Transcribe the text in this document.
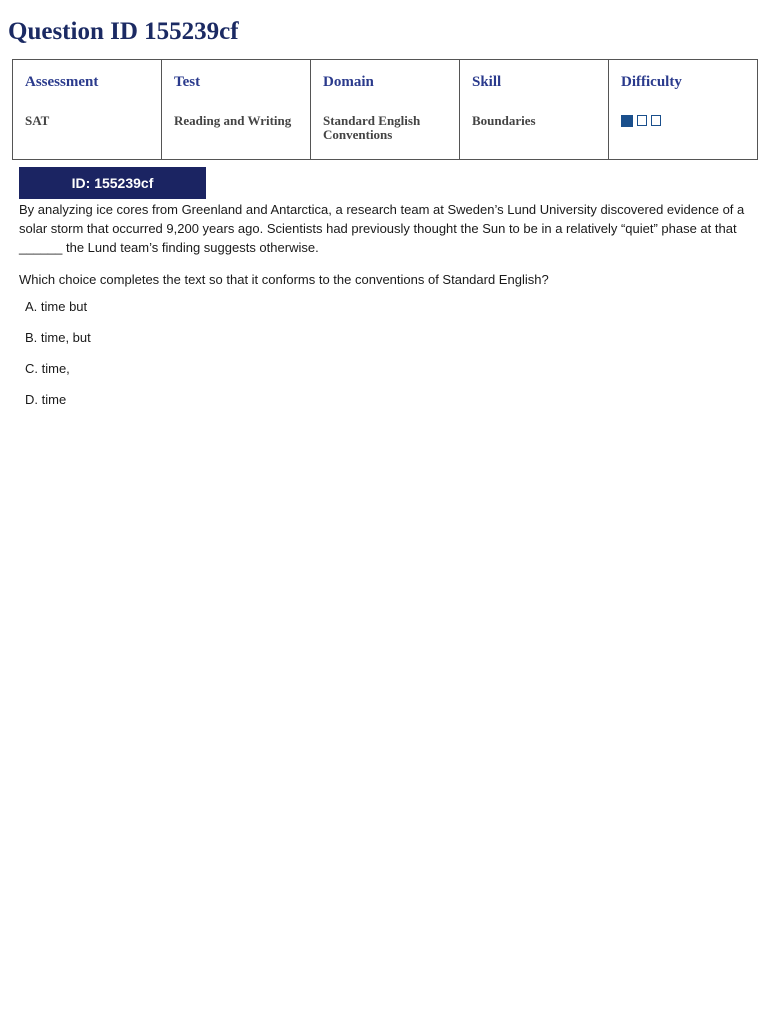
Question ID 155239cf
Assessment
SAT

Test
Reading and Writing

Domain
Standard English Conventions

Skill
Boundaries

Difficulty
ID: 155239cf

By analyzing ice cores from Greenland and Antarctica, a research team at Sweden’s Lund University discovered evidence of a solar storm that occurred 9,200 years ago. Scientists had previously thought the Sun to be in a relatively “quiet” phase at that ______ the Lund team’s finding suggests otherwise.

Which choice completes the text so that it conforms to the conventions of Standard English?

A. time but
B. time, but
C. time,
D. time
